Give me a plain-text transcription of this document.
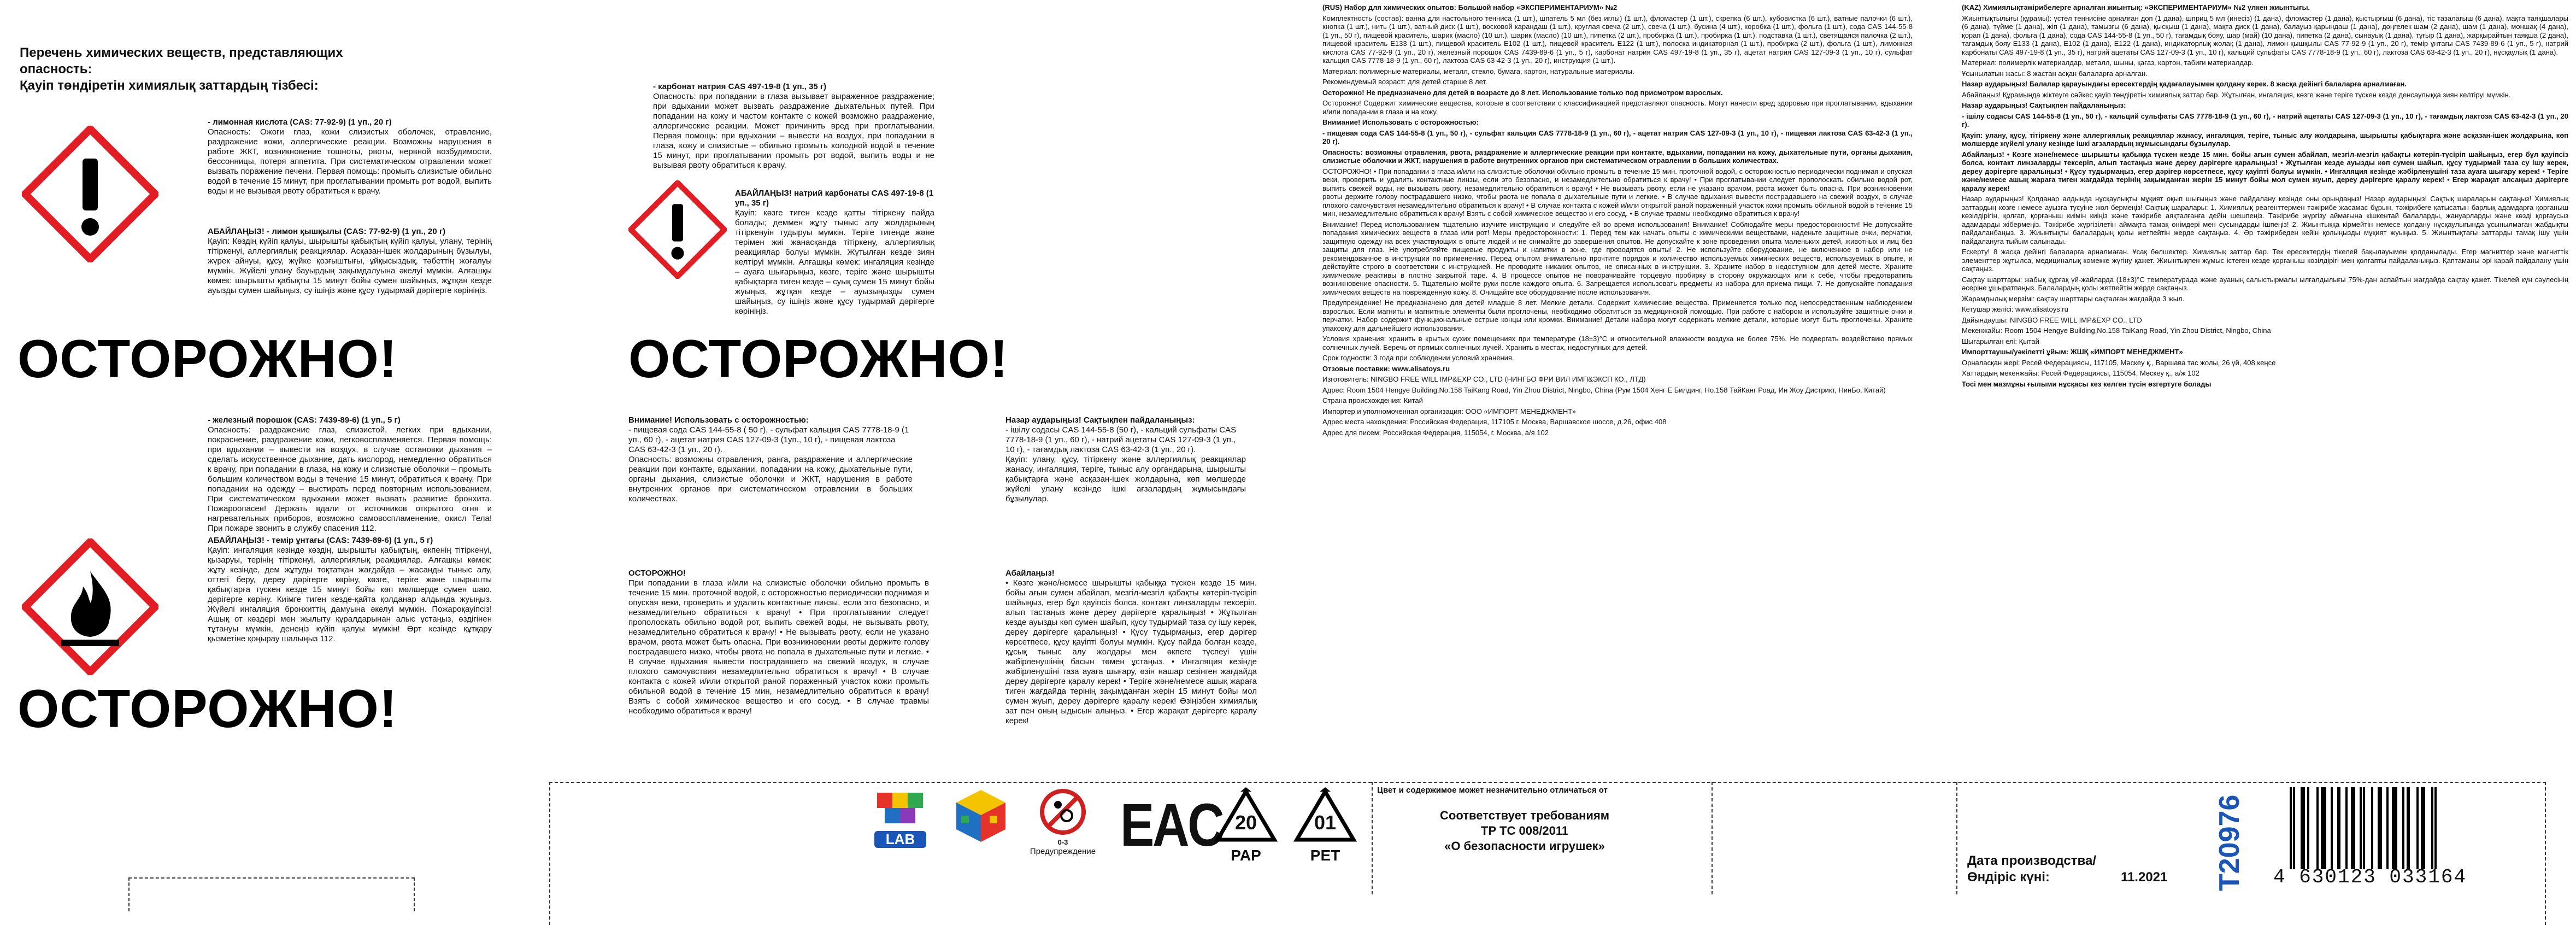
Перечень химических веществ, представляющих опасность:
Қауіп төндіретін химиялық заттардың тізбесі:
- лимонная кислота (CAS: 77-92-9) (1 уп., 20 г)
Опасность: Ожоги глаз, кожи слизистых оболочек, отравление, раздражение кожи, аллергические реакции. Возможны нарушения в работе ЖКТ, возникновение тошноты, рвоты, нервной возбудимости, бессонницы, потеря аппетита. При систематическом отравлении может вызвать поражение печени. Первая помощь: промыть слизистые обильно водой в течение 15 минут, при проглатывании промыть рот водой, выпить воды и не вызывая рвоту обратиться к врачу.
АБАЙЛАҢЫЗ! - лимон қышқылы (CAS: 77-92-9) (1 уп., 20 г)
Қауіп: Көздің күйіп қалуы, шырышты қабықтың күйіп қалуы, улану, терінің тітіркенуі, аллергиялық реакциялар. Асқазан-ішек жолдарының бұзылуы, жүрек айнуы, құсу, жүйке қозғыштығы, ұйқысыздық, тәбеттің жоғалуы мүмкін. Жүйелі улану бауырдың зақымдалуына әкелуі мүмкін. Алғашқы көмек: шырышты қабықты 15 минут бойы сумен шайыңыз, жұтқан кезде ауызды сумен шайыңыз, су ішіңіз және құсу тудырмай дәрігерге көрініңіз.
ОСТОРОЖНО!
- железный порошок (CAS: 7439-89-6) (1 уп., 5 г)
Опасность: раздражение глаз, слизистой, легких при вдыхании, покраснение, раздражение кожи, легковоспламеняется. Первая помощь: при вдыхании – вывести на воздух, в случае остановки дыхания – сделать искусственное дыхание, дать кислород, немедленно обратиться к врачу, при попадании в глаза, на кожу и слизистые оболочки – промыть большим количеством воды в течение 15 минут, обратиться к врачу. При попадании на одежду – выстирать перед повторным использованием. При систематическом вдыхании может вызвать развитие бронхита. Пожароопасен! Держать вдали от источников открытого огня и нагревательных приборов, возможно самовоспламенение, окисл Тела! При пожаре звонить в службу спасения 112.
АБАЙЛАҢЫЗ! - темір ұнтағы (CAS: 7439-89-6) (1 уп., 5 г)
Қауіп: ингаляция кезінде көздің, шырышты қабықтың, өкпенің тітіркенуі, қызаруы, терінің тітіркенуі, аллергиялық реакциялар. Алғашқы көмек: жұту кезінде, дем жұтуды тоқтатқан жағдайда – жасанды тыныс алу, оттегі беру, дереу дәрігерге көріну, көзге, теріге және шырышты қабықтарға түскен кезде 15 минут бойы көп мөлшерде сумен шаю, дәрігерге көріну. Киімге тиген кезде-қайта қолданар алдында жуыңыз. Жүйелі ингаляция бронхиттің дамуына әкелуі мүмкін. Пожароқауіпсіз! Ашық от көздері мен жылыту құралдарынан алыс ұстаңыз, өздігінен тұтануы мүмкін, денеңіз күйіп қалуы мүмкін! Өрт кезінде құтқару қызметіне қоңырау шалыңыз 112.
ОСТОРОЖНО!
- карбонат натрия CAS 497-19-8 (1 уп., 35 г)
Опасность: при попадании в глаза вызывает выраженное раздражение; при вдыхании может вызвать раздражение дыхательных путей. При попадании на кожу и частом контакте с кожей возможно раздражение, аллергические реакции. Может причинить вред при проглатывании. Первая помощь: при вдыхании – вывести на воздух, при попадании в глаза, кожу и слизистые – обильно промыть холодной водой в течение 15 минут, при проглатывании промыть рот водой, выпить воды и не вызывая рвоту обратиться к врачу.
АБАЙЛАҢЫЗ! натрий карбонаты CAS 497-19-8 (1 уп., 35 г)
Қауіп: көзге тиген кезде қатты тітіркену пайда болады; деммен жұту тыныс алу жолдарының тітіркенуін тудыруы мүмкін. Теріге тигенде және терімен жиі жанасқанда тітіркену, аллергиялық реакциялар болуы мүмкін. Жұтылған кезде зиян келтіруі мүмкін. Алғашқы көмек: ингаляция кезінде – ауаға шығарыңыз, көзге, теріге және шырышты қабықтарға тиген кезде – суық сумен 15 минут бойы жуыңыз, жұтқан кезде – ауызыңызды сумен шайыңыз, су ішіңіз және құсу тудырмай дәрігерге көрініңіз.
ОСТОРОЖНО!
Внимание! Использовать с осторожностью:
- пищевая сода CAS 144-55-8 ( 50 г), - сульфат кальция CAS 7778-18-9 (1 уп., 60 г), - ацетат натрия CAS 127-09-3 (1уп., 10 г), - пищевая лактоза CAS 63-42-3 (1 уп., 20 г).
Опасность: возможны отравления, ранга, раздражение и аллергические реакции при контакте, вдыхании, попадании на кожу, дыхательные пути, органы дыхания, слизистые оболочки и ЖКТ, нарушения в работе внутренних органов при систематическом отравлении в больших количествах.
Назар аударыңыз! Сақтықпен пайдаланыңыз:
- ішілу содасы CAS 144-55-8 (50 г), - кальций сульфаты CAS 7778-18-9 (1 уп., 60 г), - натрий ацетаты CAS 127-09-3 (1 уп., 10 г), - тағамдық лактоза CAS 63-42-3 (1 уп., 20 г).
Қауіп: улану, құсу, тітіркену және аллергиялық реакциялар жанасу, ингаляция, теріге, тыныс алу органдарына, шырышты қабықтарға және асқазан-ішек жолдарына, көп мөлшерде жүйелі улану кезінде ішкі ағзалардың жұмысындағы бұзылулар.
ОСТОРОЖНО!
При попадании в глаза и/или на слизистые оболочки обильно промыть в течение 15 мин. проточной водой, с осторожностью периодически поднимая и опуская веки, проверить и удалить контактные линзы, если это безопасно, и незамедлительно обратиться к врачу! • При проглатывании следует прополоскать обильно водой рот, выпить свежей воды, не вызывать рвоту, незамедлительно обратиться к врачу! • Не вызывать рвоту, если не указано врачом, рвота может быть опасна. При возникновении рвоты держите голову пострадавшего низко, чтобы рвота не попала в дыхательные пути и легкие. • В случае вдыхания вывести пострадавшего на свежий воздух, в случае плохого самочувствия незамедлительно обратиться к врачу! • В случае контакта с кожей и/или открытой раной пораженный участок кожи промыть обильной водой в течение 15 мин, незамедлительно обратиться к врачу! Взять с собой химическое вещество и его сосуд. • В случае травмы необходимо обратиться к врачу!
Абайлаңыз!
• Көзге және/немесе шырышты қабыққа түскен кезде 15 мин. бойы ағын сумен абайлап, мезгіл-мезгіл қабақты көтеріп-түсіріп шайыңыз, егер бұл қауіпсіз болса, контакт линзаларды тексеріп, алып тастаңыз және дереу дәрігерге қаралыңыз! • Жұтылған кезде ауызды көп сумен шайып, құсу тудырмай таза су ішу керек, дереу дәрігерге қаралыңыз! • Құсу тудырмаңыз, егер дәрігер көрсетпесе, құсу қауіпті болуы мүмкін. Құсу пайда болған кезде, құсық тыныс алу жолдары мен өкпеге түспеуі үшін жәбірленушінің басын төмен ұстаңыз. • Ингаляция кезінде жәбірленушіні таза ауаға шығару, өзін нашар сезінген жағдайда дереу дәрігерге қаралу керек! • Теріге және/немесе ашық жараға тиген жағдайда терінің зақымданған жерін 15 минут бойы мол сумен жуып, дереу дәрігерге қаралу керек! Өзіңізбен химиялық зат пен оның ыдысын алыңыз. • Егер жарақат дәрігерге қаралу керек!

(RUS) Набор для химических опытов: Большой набор «ЭКСПЕРИМЕНТАРИУМ» №2

Комплектность (состав): ванна для настольного тенниса (1 шт.), шпатель 5 мл (без иглы) (1 шт.), фломастер (1 шт.), скрепка (6 шт.), кубовистка (6 шт.), ватные палочки (6 шт.), кнопка (1 шт.), нить (1 шт.), ватный диск (1 шт.), восковой карандаш (1 шт.), круглая свеча (2 шт.), свеча (1 шт.), бусина (4 шт.), коробка (1 шт.), фольга (1 шт.), сода CAS 144-55-8 (1 уп., 50 г), пищевой краситель, шарик (масло) (10 шт.), шарик (масло) (10 шт.), пипетка (2 шт.), пробирка (1 шт.), пробирка (1 шт.), подставка (1 шт.), светящаяся палочка (2 шт.), пищевой краситель E133 (1 шт.), пищевой краситель E102 (1 шт.), пищевой краситель E122 (1 шт.), полоска индикаторная (1 шт.), пробирка (2 шт.), фольга (1 шт.), лимонная кислота CAS 77-92-9 (1 уп., 20 г), железный порошок CAS 7439-89-6 (1 уп., 5 г), карбонат натрия CAS 497-19-8 (1 уп., 35 г), ацетат натрия CAS 127-09-3 (1 уп., 10 г), сульфат кальция CAS 7778-18-9 (1 уп., 60 г), лактоза CAS 63-42-3 (1 уп., 20 г), инструкция (1 шт.).

Материал: полимерные материалы, металл, стекло, бумага, картон, натуральные материалы.

Рекомендуемый возраст: для детей старше 8 лет.

Осторожно! Не предназначено для детей в возрасте до 8 лет. Использование только под присмотром взрослых.

Осторожно! Содержит химические вещества, которые в соответствии с классификацией представляют опасность. Могут нанести вред здоровью при проглатывании, вдыхании и/или попадании в глаза и на кожу.

Внимание! Использовать с осторожностью:

- пищевая сода CAS 144-55-8 (1 уп., 50 г), - сульфат кальция CAS 7778-18-9 (1 уп., 60 г), - ацетат натрия CAS 127-09-3 (1 уп., 10 г), - пищевая лактоза CAS 63-42-3 (1 уп., 20 г).

Опасность: возможны отравления, рвота, раздражение и аллергические реакции при контакте, вдыхании, попадании на кожу, дыхательные пути, органы дыхания, слизистые оболочки и ЖКТ, нарушения в работе внутренних органов при систематическом отравлении в больших количествах.

ОСТОРОЖНО! • При попадании в глаза и/или на слизистые оболочки обильно промыть в течение 15 мин. проточной водой, с осторожностью периодически поднимая и опуская веки, проверить и удалить контактные линзы, если это безопасно, и незамедлительно обратиться к врачу! • При проглатывании следует прополоскать обильно водой рот, выпить свежей воды, не вызывать рвоту, незамедлительно обратиться к врачу! • Не вызывать рвоту, если не указано врачом, рвота может быть опасна. При возникновении рвоты держите голову пострадавшего низко, чтобы рвота не попала в дыхательные пути и легкие. • В случае вдыхания вывести пострадавшего на свежий воздух, в случае плохого самочувствия незамедлительно обратиться к врачу! • В случае контакта с кожей и/или открытой раной пораженный участок кожи промыть обильной водой в течение 15 мин, незамедлительно обратиться к врачу! Взять с собой химическое вещество и его сосуд. • В случае травмы необходимо обратиться к врачу!

Внимание! Перед использованием тщательно изучите инструкцию и следуйте ей во время использования! Внимание! Соблюдайте меры предосторожности! Не допускайте попадания химических веществ в глаза или рот! Меры предосторожности: 1. Перед тем как начать опыты с химическими веществами, наденьте защитные очки, перчатки, защитную одежду на всех участвующих в опыте людей и не снимайте до завершения опытов. Не допускайте к зоне проведения опыта маленьких детей, животных и лиц без защиты для глаз. Не употребляйте пищевые продукты и напитки в зоне, где проводятся опыты! 2. Не используйте оборудование, не включенное в набор или не рекомендованное в инструкции по применению. Перед опытом внимательно прочтите порядок и количество используемых химических веществ, используемых в опыте, и действуйте строго в соответствии с инструкцией. Не проводите никаких опытов, не описанных в инструкции. 3. Храните набор в недоступном для детей месте. Храните химические реактивы в плотно закрытой таре. 4. В процессе опытов не поворачивайте торцевую пробирку в сторону окружающих или к себе, чтобы предотвратить возникновение опасности. 5. Тщательно мойте руки после каждого опыта. 6. Запрещается использовать предметы из набора для приема пищи. 7. Не допускайте попадания химических веществ на поврежденную кожу. 8. Очищайте все оборудование после использования.

Предупреждение! Не предназначено для детей младше 8 лет. Мелкие детали. Содержит химические вещества. Применяется только под непосредственным наблюдением взрослых. Если магниты и магнитные элементы были проглочены, необходимо обратиться за медицинской помощью. При работе с набором и используйте защитные очки и перчатки. Набор содержит функциональные острые концы или кромки. Внимание! Детали набора могут содержать мелкие детали, которые могут быть проглочены. Храните упаковку для дальнейшего использования.

Условия хранения: хранить в крытых сухих помещениях при температуре (18±3)°С и относительной влажности воздуха не более 75%. Не подвергать воздействию прямых солнечных лучей. Беречь от прямых солнечных лучей. Хранить в местах, недоступных для детей.

Срок годности: 3 года при соблюдении условий хранения.

Отзовые поставки: www.alisatoys.ru

Изготовитель: NINGBO FREE WILL IMP&EXP CO., LTD (НИНГБО ФРИ ВИЛ ИМП&ЭКСП КО., ЛТД)

Адрес: Room 1504 Hengye Building,No.158 TaiKang Road, Yin Zhou District, Ningbo, China (Рум 1504 Хенг Е Билдинг, Но.158 ТайКанг Роад, Ин Жоу Дистрикт, НинБо, Китай)

Страна происхождения: Китай

Импортер и уполномоченная организация: ООО «ИМПОРТ МЕНЕДЖМЕНТ»

Адрес места нахождения: Российская Федерация, 117105 г. Москва, Варшавское шоссе, д.26, офис 408

Адрес для писем: Российская Федерация, 115054, г. Москва, а/я 102

(KAZ) Химиялықтәжірибелерге арналған жиынтық: «ЭКСПЕРИМЕНТАРИУМ» №2 үлкен жиынтығы.

Жиынтықтылығы (құрамы): үстел теннисіне арналған доп (1 дана), шприц 5 мл (инесіз) (1 дана), фломастер (1 дана), қыстырғыш (6 дана), тіс тазалағыш (6 дана), мақта таяқшалары (6 дана), түйме (1 дана), жіп (1 дана), тамызғы (6 дана), қысқыш (1 дана), мақта диск (1 дана), балауыз қарындаш (1 дана), дөңгелек шам (2 дана), шам (1 дана), моншақ (4 дана), қорап (1 дана), фольга (1 дана), сода CAS 144-55-8 (1 уп., 50 г), тағамдық бояу, шар (май) (10 дана), пипетка (2 дана), сынауық (1 дана), тұғыр (1 дана), жарқырайтын таяқша (2 дана), тағамдық бояу E133 (1 дана), E102 (1 дана), E122 (1 дана), индикаторлық жолақ (1 дана), лимон қышқылы CAS 77-92-9 (1 уп., 20 г), темір ұнтағы CAS 7439-89-6 (1 уп., 5 г), натрий карбонаты CAS 497-19-8 (1 уп., 35 г), натрий ацетаты CAS 127-09-3 (1 уп., 10 г), кальций сульфаты CAS 7778-18-9 (1 уп., 60 г), лактоза CAS 63-42-3 (1 уп., 20 г), нұсқаулық (1 дана).

Материал: полимерлік материалдар, металл, шыны, қағаз, картон, табиғи материалдар.

Ұсынылатын жасы: 8 жастан асқан балаларға арналған.

Назар аударыңыз! Балалар қарауындағы ересектердің қадағалауымен қолдану керек. 8 жасқа дейінгі балаларға арналмаған.

Абайлаңыз! Құрамында жіктеуге сәйкес қауіп төндіретін химиялық заттар бар. Жұтылған, ингаляция, көзге және теріге түскен кезде денсаулыққа зиян келтіруі мүмкін.

Назар аударыңыз! Сақтықпен пайдаланыңыз:

- ішілу содасы CAS 144-55-8 (1 уп., 50 г), - кальций сульфаты CAS 7778-18-9 (1 уп., 60 г), - натрий ацетаты CAS 127-09-3 (1 уп., 10 г), - тағамдық лактоза CAS 63-42-3 (1 уп., 20 г).

Қауіп: улану, құсу, тітіркену және аллергиялық реакциялар жанасу, ингаляция, теріге, тыныс алу жолдарына, шырышты қабықтарға және асқазан-ішек жолдарына, көп мөлшерде жүйелі улану кезінде ішкі ағзалардың жұмысындағы бұзылулар.

Абайлаңыз! • Көзге және/немесе шырышты қабыққа түскен кезде 15 мин. бойы ағын сумен абайлап, мезгіл-мезгіл қабақты көтеріп-түсіріп шайыңыз, егер бұл қауіпсіз болса, контакт линзаларды тексеріп, алып тастаңыз және дереу дәрігерге қаралыңыз! • Жұтылған кезде ауызды көп сумен шайып, құсу тудырмай таза су ішу керек, дереу дәрігерге қаралыңыз! • Құсу тудырмаңыз, егер дәрігер көрсетпесе, құсу қауіпті болуы мүмкін. • Ингаляция кезінде жәбірленушіні таза ауаға шығару керек! • Теріге және/немесе ашық жараға тиген жағдайда терінің зақымданған жерін 15 минут бойы мол сумен жуып, дереу дәрігерге қаралу керек! • Егер жарақат алсаңыз дәрігерге қаралу керек!

Назар аударыңыз! Қолданар алдында нұсқаулықты мұқият оқып шығыңыз және пайдалану кезінде оны орындаңыз! Назар аударыңыз! Сақтық шараларын сақтаңыз! Химиялық заттардың көзге немесе ауызға түсуіне жол бермеңіз! Сақтық шаралары: 1. Химиялық реагенттермен тәжірибе жасамас бұрын, тәжірибеге қатысатын барлық адамдарға қорғаныш көзілдірігін, қолғап, қорғаныш киімін киіңіз және тәжірибе аяқталғанға дейін шешпеңіз. Тәжірибе жүргізу аймағына кішкентай балаларды, жануарларды және көзді қорғаусыз адамдарды жібермеңіз. Тәжірибе жүргізілетін аймақта тамақ өнімдері мен сусындарды ішпеңіз! 2. Жиынтыққа кірмейтін немесе қолдану нұсқаулығында ұсынылмаған жабдықты пайдаланбаңыз. 3. Жиынтықты балалардың қолы жетпейтін жерде сақтаңыз. 4. Әр тәжірибеден кейін қолыңызды мұқият жуыңыз. 5. Жиынтықтағы заттарды тамақ ішу үшін пайдалануға тыйым салынады.

Ескерту! 8 жасқа дейінгі балаларға арналмаған. Ұсақ бөлшектер. Химиялық заттар бар. Тек ересектердің тікелей бақылауымен қолданылады. Егер магниттер және магниттік элементтер жұтылса, медициналық көмекке жүгіну қажет. Жиынтықпен жұмыс істеген кезде қорғаныш көзілдірігі мен қолғапты пайдаланыңыз. Қаптаманы әрі қарай пайдалану үшін сақтаңыз.

Сақтау шарттары: жабық құрғақ үй-жайларда (18±3)°С температурада және ауаның салыстырмалы ылғалдылығы 75%-дан аспайтын жағдайда сақтау қажет. Тікелей күн сәулесінің әсеріне ұшыратпаңыз. Балалардың қолы жетпейтін жерде сақтаңыз.

Жарамдылық мерзімі: сақтау шарттары сақталған жағдайда 3 жыл.

Кетушар желісі: www.alisatoys.ru

Дайындаушы: NINGBO FREE WILL IMP&EXP CO., LTD

Мекенжайы: Room 1504 Hengye Building,No.158 TaiKang Road, Yin Zhou District, Ningbo, China

Шығарылған елі: Қытай

Импорттаушы/уәкілетті ұйым: ЖШҚ «ИМПОРТ МЕНЕДЖМЕНТ»

Орналасқан жері: Ресей Федерациясы, 117105, Мәскеу қ., Варшава тас жолы, 26 үй, 408 кеңсе

Хаттардың мекенжайы: Ресей Федерациясы, 115054, Мәскеу қ., а/ж 102

Тосі мен мазмұны ғылыми нұсқасы кез келген түсін өзгертуге болады

LAB	0-3
Предупреждение EAC 20
PAP
01
PET
Цвет и содержимое может незначительно отличаться от
Соответствует требованиям
ТР ТС 008/2011
«О безопасности игрушек»
Дата производства/
Өндіріс күні:	11.2021	T20976
4 630123 033164
